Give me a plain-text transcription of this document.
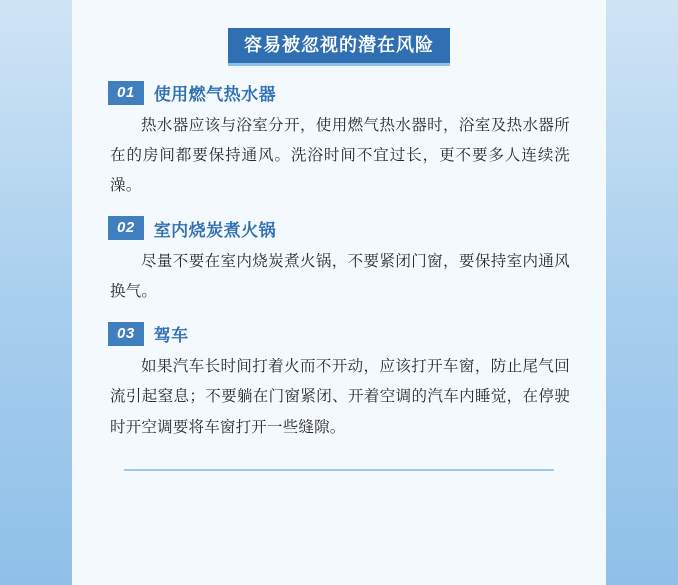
容易被忽视的潜在风险
01	使用燃气热水器

热水器应该与浴室分开，使用燃气热水器时，浴室及热水器所在的房间都要保持通风。洗浴时间不宜过长，更不要多人连续洗澡。

02	室内烧炭煮火锅

尽量不要在室内烧炭煮火锅，不要紧闭门窗，要保持室内通风换气。

03	驾车

如果汽车长时间打着火而不开动，应该打开车窗，防止尾气回流引起窒息；不要躺在门窗紧闭、开着空调的汽车内睡觉，在停驶时开空调要将车窗打开一些缝隙。
